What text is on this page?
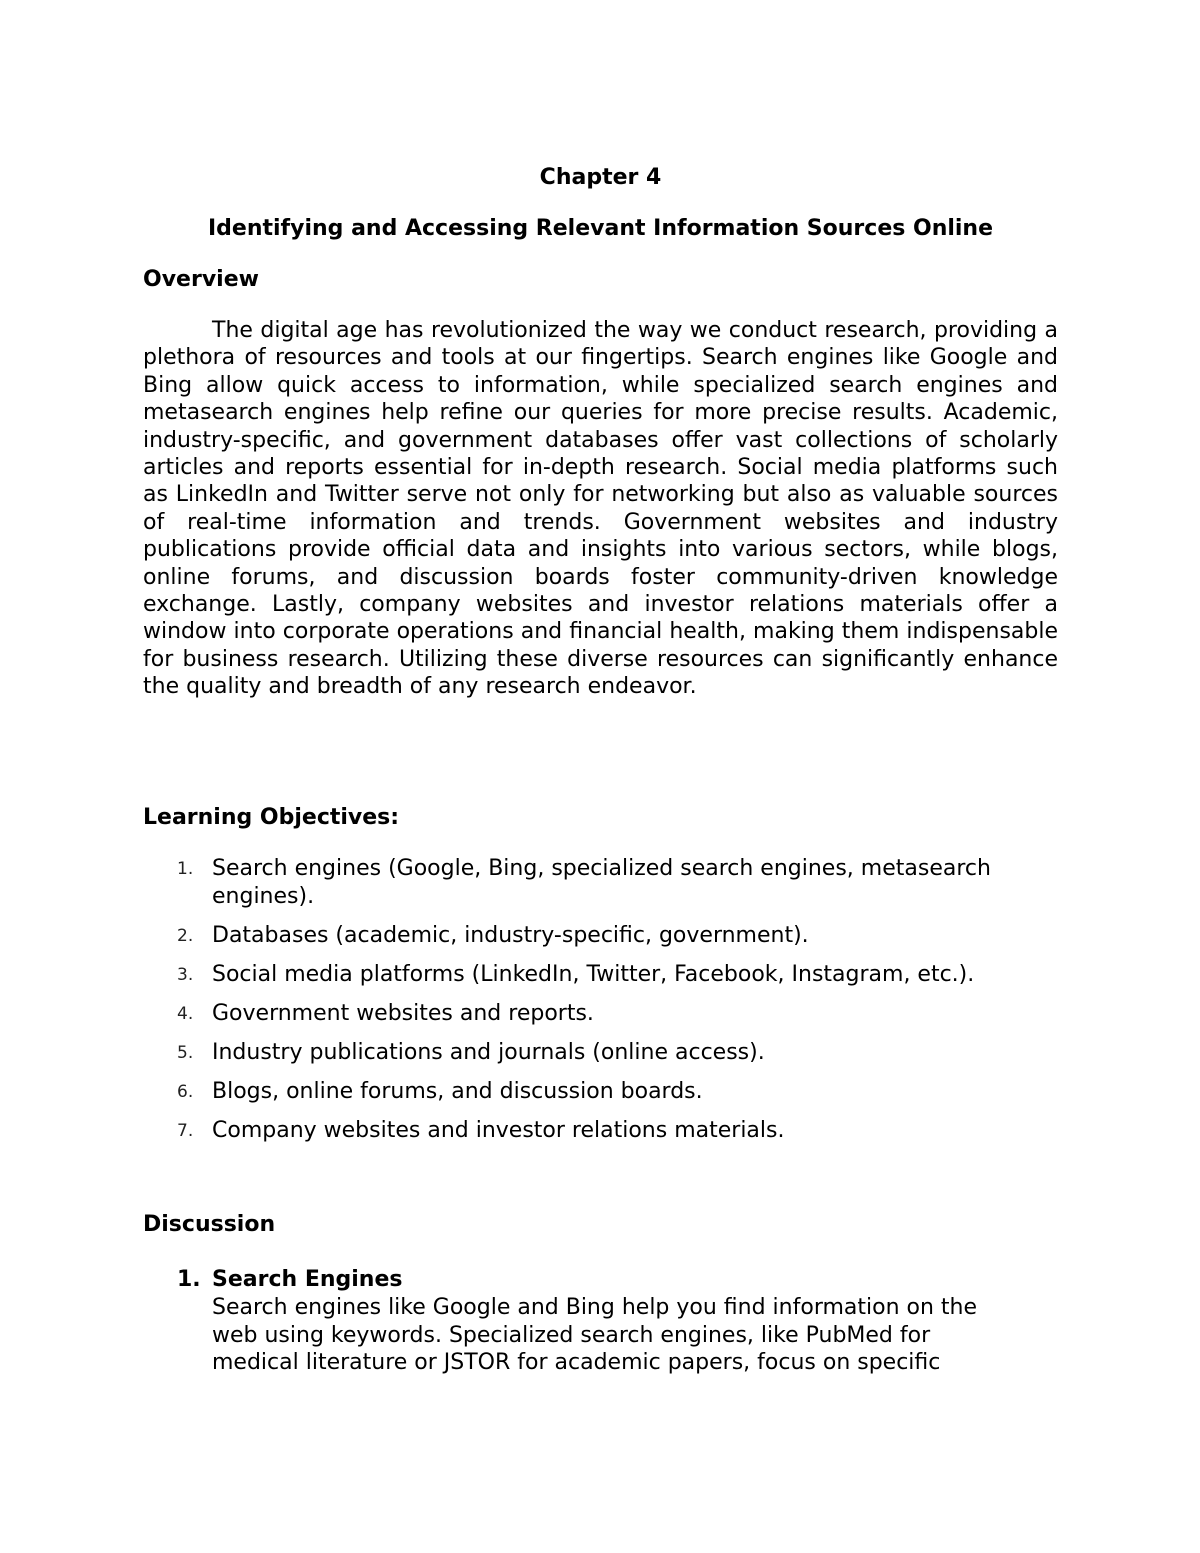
Chapter 4
Identifying and Accessing Relevant Information Sources Online
Overview

The digital age has revolutionized the way we conduct research, providing a plethora of resources and tools at our fingertips. Search engines like Google and Bing allow quick access to information, while specialized search engines and metasearch engines help refine our queries for more precise results. Academic, industry-specific, and government databases offer vast collections of scholarly articles and reports essential for in-depth research. Social media platforms such as LinkedIn and Twitter serve not only for networking but also as valuable sources of real-time information and trends. Government websites and industry publications provide official data and insights into various sectors, while blogs, online forums, and discussion boards foster community-driven knowledge exchange. Lastly, company websites and investor relations materials offer a window into corporate operations and financial health, making them indispensable for business research. Utilizing these diverse resources can significantly enhance the quality and breadth of any research endeavor.

Learning Objectives:
1. Search engines (Google, Bing, specialized search engines, metasearch engines).
2. Databases (academic, industry-specific, government).
3. Social media platforms (LinkedIn, Twitter, Facebook, Instagram, etc.).
4. Government websites and reports.
5. Industry publications and journals (online access).
6. Blogs, online forums, and discussion boards.
7. Company websites and investor relations materials.
Discussion
1. Search Engines

Search engines like Google and Bing help you find information on the web using keywords. Specialized search engines, like PubMed for medical literature or JSTOR for academic papers, focus on specific
